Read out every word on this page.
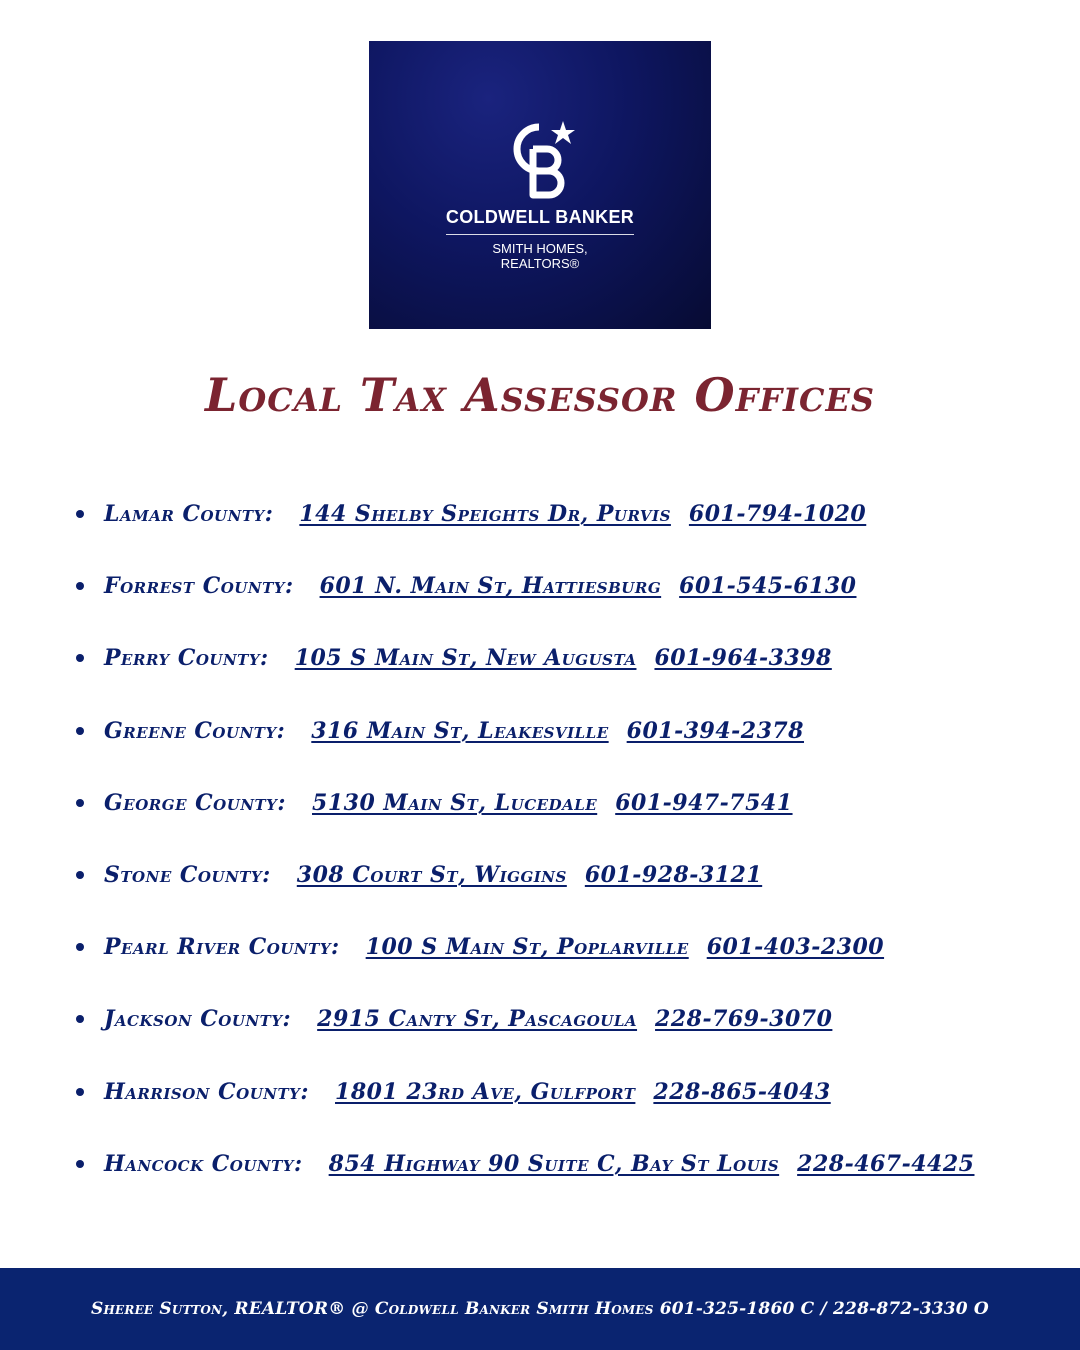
COLDWELL BANKER
SMITH HOMES,
REALTORS®
Local Tax Assessor Offices
Lamar County: 144 Shelby Speights Dr, Purvis 601-794-1020
Forrest County: 601 N. Main St, Hattiesburg 601-545-6130
Perry County: 105 S Main St, New Augusta 601-964-3398
Greene County: 316 Main St, Leakesville 601-394-2378
George County: 5130 Main St, Lucedale 601-947-7541
Stone County: 308 Court St, Wiggins 601-928-3121
Pearl River County: 100 S Main St, Poplarville 601-403-2300
Jackson County: 2915 Canty St, Pascagoula 228-769-3070
Harrison County: 1801 23rd Ave, Gulfport 228-865-4043
Hancock County: 854 Highway 90 Suite C, Bay St Louis 228-467-4425
Sheree Sutton, REALTOR® @ Coldwell Banker Smith Homes 601-325-1860 C / 228-872-3330 O
